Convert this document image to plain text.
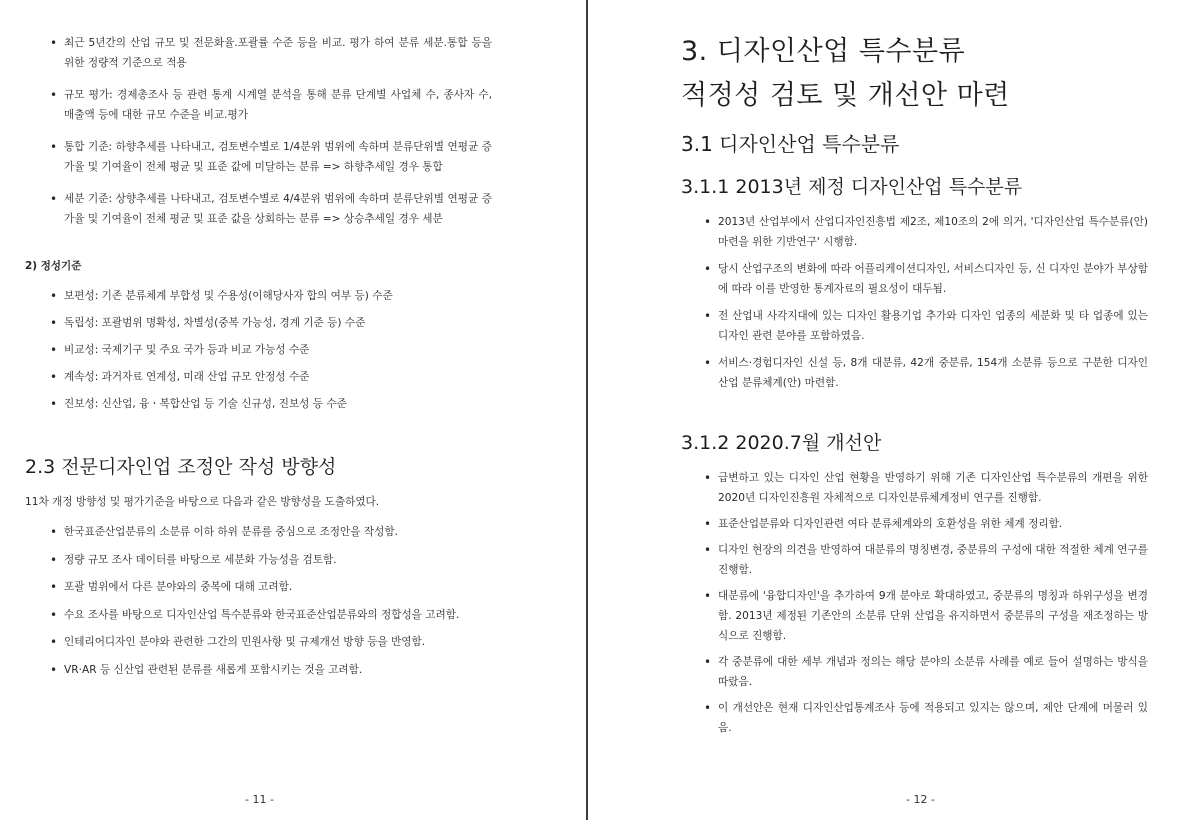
• 최근 5년간의 산업 규모 및 전문화율.포괄률 수준 등을 비교. 평가 하여 분류 세분.통합 등을 위한 정량적 기준으로 적용
• 규모 평가: 경제총조사 등 관련 통계 시계열 분석을 통해 분류 단계별 사업체 수, 종사자 수, 매출액 등에 대한 규모 수준을 비교.평가
• 통합 기준: 하향추세를 나타내고, 검토변수별로 1/4분위 범위에 속하며 분류단위별 연평균 증가율 및 기여율이 전체 평균 및 표준 값에 미달하는 분류 => 하향추세일 경우 통합
• 세분 기준: 상향추세를 나타내고, 검토변수별로 4/4분위 범위에 속하며 분류단위별 연평균 증가율 및 기여율이 전체 평균 및 표준 값을 상회하는 분류 => 상승추세일 경우 세분
2) 정성기준
• 보편성: 기존 분류체계 부합성 및 수용성(이해당사자 합의 여부 등) 수준
• 독립성: 포괄범위 명확성, 차별성(중복 가능성, 경계 기준 등) 수준
• 비교성: 국제기구 및 주요 국가 등과 비교 가능성 수준
• 계속성: 과거자료 연계성, 미래 산업 규모 안정성 수준
• 진보성: 신산업, 융ㆍ복합산업 등 기술 신규성, 진보성 등 수준
2.3 전문디자인업 조정안 작성 방향성
11차 개정 방향성 및 평가기준을 바탕으로 다음과 같은 방향성을 도출하였다.
• 한국표준산업분류의 소분류 이하 하위 분류를 중심으로 조정안을 작성함.
• 정량 규모 조사 데이터를 바탕으로 세분화 가능성을 검토함.
• 포괄 범위에서 다른 분야와의 중복에 대해 고려함.
• 수요 조사를 바탕으로 디자인산업 특수분류와 한국표준산업분류와의 정합성을 고려함.
• 인테리어디자인 분야와 관련한 그간의 민원사항 및 규제개선 방향 등을 반영함.
• VR·AR 등 신산업 관련된 분류를 새롭게 포함시키는 것을 고려함.
- 11 -
3. 디자인산업 특수분류
적정성 검토 및 개선안 마련
3.1 디자인산업 특수분류
3.1.1 2013년 제정 디자인산업 특수분류
• 2013년 산업부에서 산업디자인진흥법 제2조, 제10조의 2에 의거, '디자인산업 특수분류(안) 마련을 위한 기반연구' 시행함.
• 당시 산업구조의 변화에 따라 어플리케이션디자인, 서비스디자인 등, 신 디자인 분야가 부상함에 따라 이를 반영한 통계자료의 필요성이 대두됨.
• 전 산업내 사각지대에 있는 디자인 활용기업 추가와 디자인 업종의 세분화 및 타 업종에 있는 디자인 관련 분야를 포함하였음.
• 서비스·경험디자인 신설 등, 8개 대분류, 42개 중분류, 154개 소분류 등으로 구분한 디자인 산업 분류체계(안) 마련함.
3.1.2 2020.7월 개선안
• 급변하고 있는 디자인 산업 현황을 반영하기 위해 기존 디자인산업 특수분류의 개편을 위한 2020년 디자인진흥원 자체적으로 디자인분류체계정비 연구를 진행함.
• 표준산업분류와 디자인관련 여타 분류체계와의 호환성을 위한 체계 정리함.
• 디자인 현장의 의견을 반영하여 대분류의 명칭변경, 중분류의 구성에 대한 적절한 체계 연구를 진행함.
• 대분류에 '융합디자인'을 추가하여 9개 분야로 확대하였고, 중분류의 명칭과 하위구성을 변경함. 2013년 제정된 기존안의 소분류 단위 산업을 유지하면서 중분류의 구성을 재조정하는 방식으로 진행함.
• 각 중분류에 대한 세부 개념과 정의는 해당 분야의 소분류 사례를 예로 들어 설명하는 방식을 따랐음.
• 이 개선안은 현재 디자인산업통계조사 등에 적용되고 있지는 않으며, 제안 단계에 머물러 있음.
- 12 -
